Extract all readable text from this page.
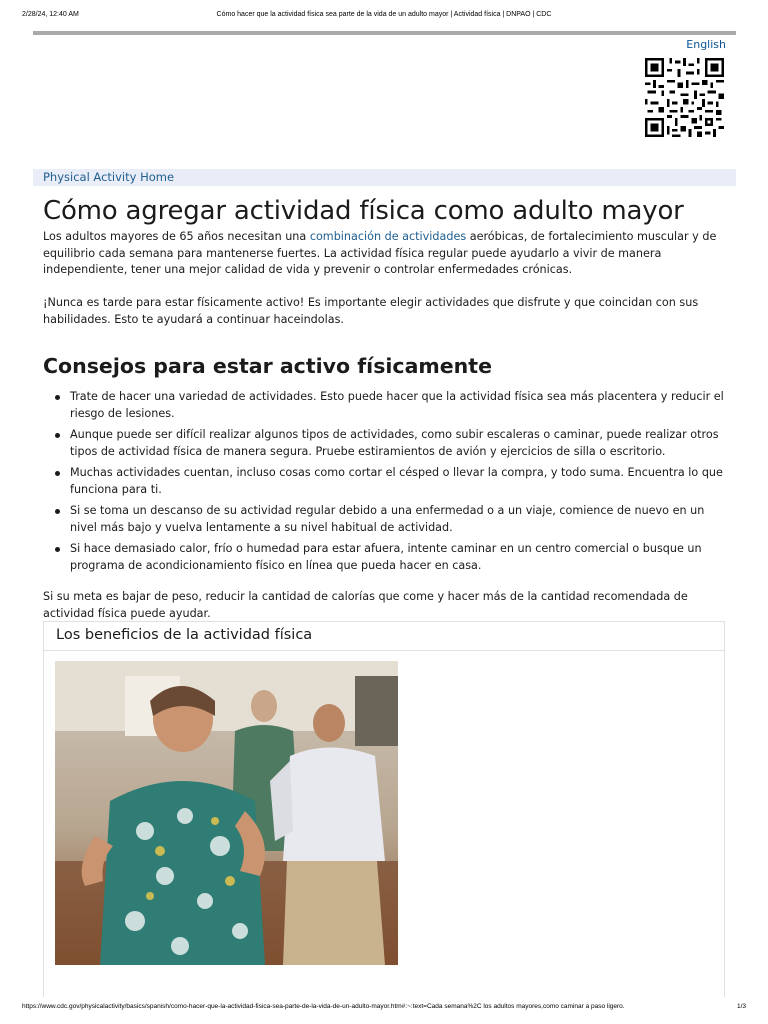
2/28/24, 12:40 AM	Cómo hacer que la actividad física sea parte de la vida de un adulto mayor | Actividad física | DNPAO | CDC
English
Physical Activity Home
Cómo agregar actividad física como adulto mayor

Los adultos mayores de 65 años necesitan una combinación de actividades aeróbicas, de fortalecimiento muscular y de equilibrio cada semana para mantenerse fuertes. La actividad física regular puede ayudarlo a vivir de manera independiente, tener una mejor calidad de vida y prevenir o controlar enfermedades crónicas.

¡Nunca es tarde para estar físicamente activo! Es importante elegir actividades que disfrute y que coincidan con sus habilidades. Esto te ayudará a continuar haceindolas.

Consejos para estar activo físicamente
Trate de hacer una variedad de actividades. Esto puede hacer que la actividad física sea más placentera y reducir el riesgo de lesiones.
Aunque puede ser difícil realizar algunos tipos de actividades, como subir escaleras o caminar, puede realizar otros tipos de actividad física de manera segura. Pruebe estiramientos de avión y ejercicios de silla o escritorio.
Muchas actividades cuentan, incluso cosas como cortar el césped o llevar la compra, y todo suma. Encuentra lo que funciona para ti.
Si se toma un descanso de su actividad regular debido a una enfermedad o a un viaje, comience de nuevo en un nivel más bajo y vuelva lentamente a su nivel habitual de actividad.
Si hace demasiado calor, frío o humedad para estar afuera, intente caminar en un centro comercial o busque un programa de acondicionamiento físico en línea que pueda hacer en casa.

Si su meta es bajar de peso, reducir la cantidad de calorías que come y hacer más de la cantidad recomendada de actividad física puede ayudar.

Los beneficios de la actividad física
https://www.cdc.gov/physicalactivity/basics/spanish/como-hacer-que-la-actividad-fisica-sea-parte-de-la-vida-de-un-adulto-mayor.htm#:~:text=Cada semana%2C los adultos mayores,como caminar a paso ligero.	1/3
